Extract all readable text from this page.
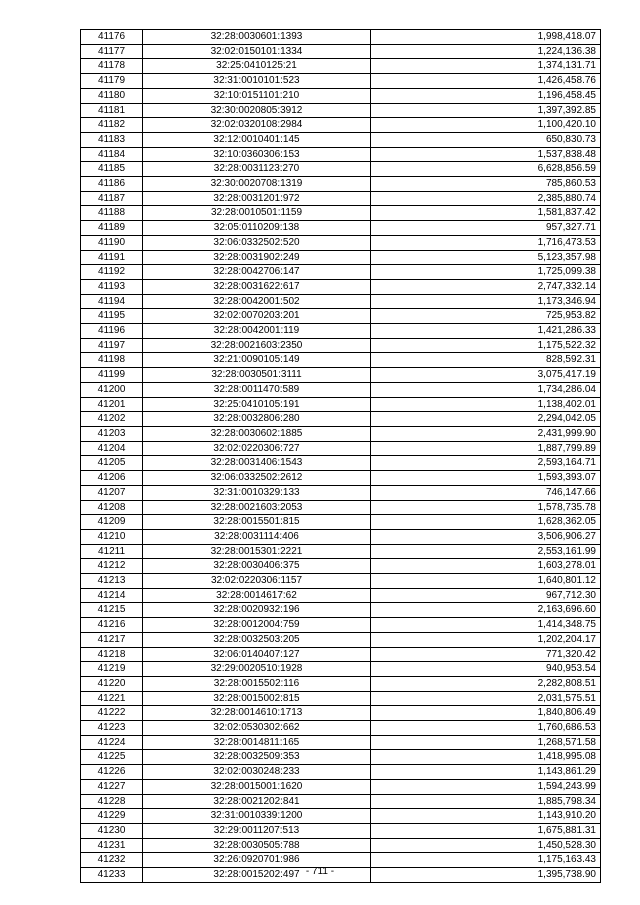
41176	32:28:0030601:1393	1,998,418.07
41177	32:02:0150101:1334	1,224,136.38
41178	32:25:0410125:21	1,374,131.71
41179	32:31:0010101:523	1,426,458.76
41180	32:10:0151101:210	1,196,458.45
41181	32:30:0020805:3912	1,397,392.85
41182	32:02:0320108:2984	1,100,420.10
41183	32:12:0010401:145	650,830.73
41184	32:10:0360306:153	1,537,838.48
41185	32:28:0031123:270	6,628,856.59
41186	32:30:0020708:1319	785,860.53
41187	32:28:0031201:972	2,385,880.74
41188	32:28:0010501:1159	1,581,837.42
41189	32:05:0110209:138	957,327.71
41190	32:06:0332502:520	1,716,473.53
41191	32:28:0031902:249	5,123,357.98
41192	32:28:0042706:147	1,725,099.38
41193	32:28:0031622:617	2,747,332.14
41194	32:28:0042001:502	1,173,346.94
41195	32:02:0070203:201	725,953.82
41196	32:28:0042001:119	1,421,286.33
41197	32:28:0021603:2350	1,175,522.32
41198	32:21:0090105:149	828,592.31
41199	32:28:0030501:3111	3,075,417.19
41200	32:28:0011470:589	1,734,286.04
41201	32:25:0410105:191	1,138,402.01
41202	32:28:0032806:280	2,294,042.05
41203	32:28:0030602:1885	2,431,999.90
41204	32:02:0220306:727	1,887,799.89
41205	32:28:0031406:1543	2,593,164.71
41206	32:06:0332502:2612	1,593,393.07
41207	32:31:0010329:133	746,147.66
41208	32:28:0021603:2053	1,578,735.78
41209	32:28:0015501:815	1,628,362.05
41210	32:28:0031114:406	3,506,906.27
41211	32:28:0015301:2221	2,553,161.99
41212	32:28:0030406:375	1,603,278.01
41213	32:02:0220306:1157	1,640,801.12
41214	32:28:0014617:62	967,712.30
41215	32:28:0020932:196	2,163,696.60
41216	32:28:0012004:759	1,414,348.75
41217	32:28:0032503:205	1,202,204.17
41218	32:06:0140407:127	771,320.42
41219	32:29:0020510:1928	940,953.54
41220	32:28:0015502:116	2,282,808.51
41221	32:28:0015002:815	2,031,575.51
41222	32:28:0014610:1713	1,840,806.49
41223	32:02:0530302:662	1,760,686.53
41224	32:28:0014811:165	1,268,571.58
41225	32:28:0032509:353	1,418,995.08
41226	32:02:0030248:233	1,143,861.29
41227	32:28:0015001:1620	1,594,243.99
41228	32:28:0021202:841	1,885,798.34
41229	32:31:0010339:1200	1,143,910.20
41230	32:29:0011207:513	1,675,881.31
41231	32:28:0030505:788	1,450,528.30
41232	32:26:0920701:986	1,175,163.43
41233	32:28:0015202:497	1,395,738.90
- 711 -
